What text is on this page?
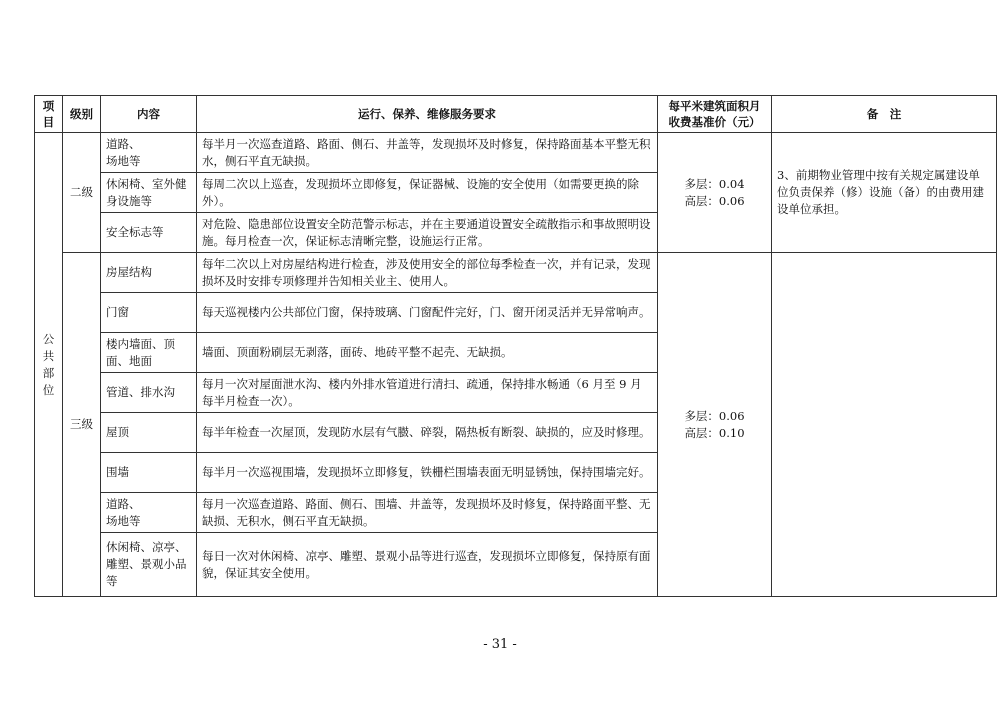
项目	级别	内容	运行、保养、维修服务要求	每平米建筑面积月
收费基准价（元）	备　注
公
共
部
位	二级	道路、
场地等	每半月一次巡查道路、路面、侧石、井盖等，发现损坏及时修复，保持路面基本平整无积水，侧石平直无缺损。	多层：0.04
高层：0.06	3、前期物业管理中按有关规定属建设单位负责保养（修）设施（备）的由费用建设单位承担。
		休闲椅、室外健身设施等	每周二次以上巡查，发现损坏立即修复，保证器械、设施的安全使用（如需要更换的除外）。		
		安全标志等	对危险、隐患部位设置安全防范警示标志，并在主要通道设置安全疏散指示和事故照明设施。每月检查一次，保证标志清晰完整，设施运行正常。		
	三级	房屋结构	每年二次以上对房屋结构进行检查，涉及使用安全的部位每季检查一次，并有记录，发现损坏及时安排专项修理并告知相关业主、使用人。	多层：0.06
高层：0.10	
		门窗	每天巡视楼内公共部位门窗，保持玻璃、门窗配件完好，门、窗开闭灵活并无异常响声。		
		楼内墙面、顶面、地面	墙面、顶面粉刷层无剥落，面砖、地砖平整不起壳、无缺损。		
		管道、排水沟	每月一次对屋面泄水沟、楼内外排水管道进行清扫、疏通，保持排水畅通（6 月至 9 月每半月检查一次）。		
		屋顶	每半年检查一次屋顶，发现防水层有气臌、碎裂，隔热板有断裂、缺损的，应及时修理。		
		围墙	每半月一次巡视围墙，发现损坏立即修复，铁栅栏围墙表面无明显锈蚀，保持围墙完好。		
		道路、
场地等	每月一次巡查道路、路面、侧石、围墙、井盖等，发现损坏及时修复，保持路面平整、无缺损、无积水，侧石平直无缺损。		
		休闲椅、凉亭、雕塑、景观小品等	每日一次对休闲椅、凉亭、雕塑、景观小品等进行巡查，发现损坏立即修复，保持原有面貌，保证其安全使用。		
- 31 -
